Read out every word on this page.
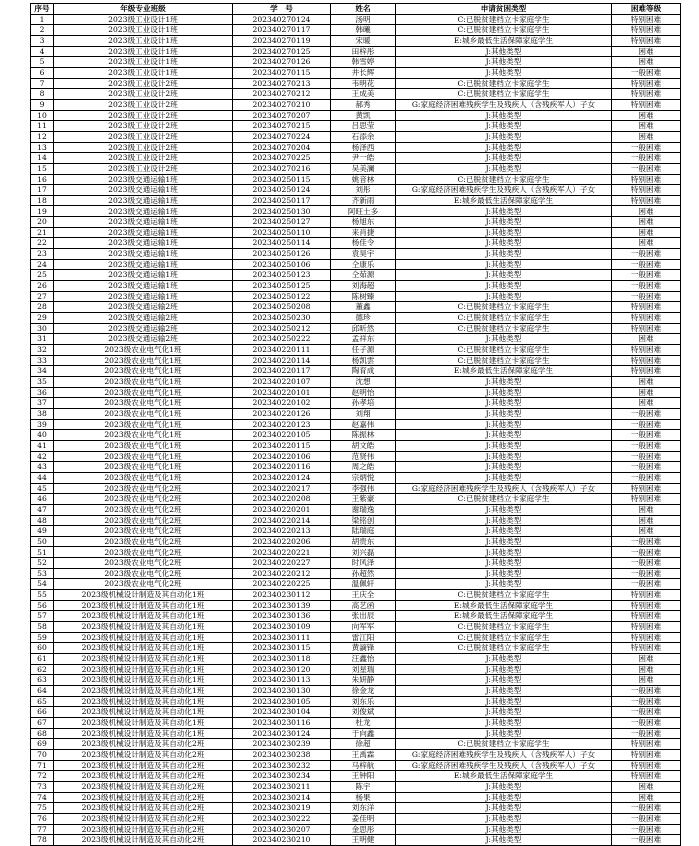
序号	年级专业班级	学　号	姓名	申请贫困类型	困难等级
1	2023级工业设计1班	202340270124	汤明	C:已脱贫建档立卡家庭学生	特别困难
2	2023级工业设计1班	202340270117	韩曦	C:已脱贫建档立卡家庭学生	特别困难
3	2023级工业设计1班	202340270119	宋暖	E:城乡最低生活保障家庭学生	特别困难
4	2023级工业设计1班	202340270125	田梓彤	J:其他类型	困难
5	2023级工业设计1班	202340270126	韩雪婷	J:其他类型	困难
6	2023级工业设计1班	202340270115	井长辉	J:其他类型	一般困难
7	2023级工业设计2班	202340270213	韦明花	C:已脱贫建档立卡家庭学生	特别困难
8	2023级工业设计2班	202340270212	王成美	C:已脱贫建档立卡家庭学生	特别困难
9	2023级工业设计2班	202340270210	郝秀	G:家庭经济困难残疾学生及残疾人（含残疾军人）子女	特别困难
10	2023级工业设计2班	202340270207	黄凯	J:其他类型	困难
11	2023级工业设计2班	202340270215	吕思莹	J:其他类型	困难
12	2023级工业设计2班	202340270224	石添余	J:其他类型	困难
13	2023级工业设计2班	202340270204	杨泽西	J:其他类型	一般困难
14	2023级工业设计2班	202340270225	尹一皓	J:其他类型	一般困难
15	2023级工业设计2班	202340270216	吴美澜	J:其他类型	一般困难
16	2023级交通运输1班	202340250115	姚音林	C:已脱贫建档立卡家庭学生	特别困难
17	2023级交通运输1班	202340250124	刘彤	G:家庭经济困难残疾学生及残疾人（含残疾军人）子女	特别困难
18	2023级交通运输1班	202340250117	齐新雨	E:城乡最低生活保障家庭学生	特别困难
19	2023级交通运输1班	202340250130	阿旺土多	J:其他类型	困难
20	2023级交通运输1班	202340250127	杨旭东	J:其他类型	困难
21	2023级交通运输1班	202340250110	来肖捷	J:其他类型	困难
22	2023级交通运输1班	202340250114	杨佳令	J:其他类型	困难
23	2023级交通运输1班	202340250126	袁昊宇	J:其他类型	一般困难
24	2023级交通运输1班	202340250106	仝康乐	J:其他类型	一般困难
25	2023级交通运输1班	202340250123	仝茹源	J:其他类型	一般困难
26	2023级交通运输1班	202340250125	刘海超	J:其他类型	一般困难
27	2023级交通运输1班	202340250122	陈树臻	J:其他类型	一般困难
28	2023级交通运输2班	202340250208	董鑫	C:已脱贫建档立卡家庭学生	特别困难
29	2023级交通运输2班	202340250230	德珍	C:已脱贫建档立卡家庭学生	特别困难
30	2023级交通运输2班	202340250212	邱昕然	C:已脱贫建档立卡家庭学生	特别困难
31	2023级交通运输2班	202340250222	孟祥东	J:其他类型	困难
32	2023级农业电气化1班	202340220111	任子源	C:已脱贫建档立卡家庭学生	特别困难
33	2023级农业电气化1班	202340220114	杨凯雲	C:已脱贫建档立卡家庭学生	特别困难
34	2023级农业电气化1班	202340220117	陶育成	E:城乡最低生活保障家庭学生	特别困难
35	2023级农业电气化1班	202340220107	沈想	J:其他类型	困难
36	2023级农业电气化1班	202340220101	赵明怡	J:其他类型	困难
37	2023级农业电气化1班	202340220102	孙孝培	J:其他类型	困难
38	2023级农业电气化1班	202340220126	刘翔	J:其他类型	一般困难
39	2023级农业电气化1班	202340220123	赵嘉伟	J:其他类型	一般困难
40	2023级农业电气化1班	202340220105	陈振林	J:其他类型	一般困难
41	2023级农业电气化1班	202340220115	胡文皓	J:其他类型	一般困难
42	2023级农业电气化1班	202340220106	范贤伟	J:其他类型	一般困难
43	2023级农业电气化1班	202340220116	周之皓	J:其他类型	一般困难
44	2023级农业电气化1班	202340220124	宗炳悦	J:其他类型	一般困难
45	2023级农业电气化2班	202340220217	李强伟	G:家庭经济困难残疾学生及残疾人（含残疾军人）子女	特别困难
46	2023级农业电气化2班	202340220208	王紫豪	C:已脱贫建档立卡家庭学生	特别困难
47	2023级农业电气化2班	202340220201	谢瑞逸	J:其他类型	困难
48	2023级农业电气化2班	202340220214	梁铭创	J:其他类型	困难
49	2023级农业电气化2班	202340220213	陆瑞庭	J:其他类型	困难
50	2023级农业电气化2班	202340220206	胡贵东	J:其他类型	一般困难
51	2023级农业电气化2班	202340220221	刘兴磊	J:其他类型	一般困难
52	2023级农业电气化2班	202340220227	时风泽	J:其他类型	一般困难
53	2023级农业电气化2班	202340220212	孙超然	J:其他类型	一般困难
54	2023级农业电气化2班	202340220225	温佩轩	J:其他类型	一般困难
55	2023级机械设计制造及其自动化1班	202340230112	王庆全	C:已脱贫建档立卡家庭学生	特别困难
56	2023级机械设计制造及其自动化1班	202340230139	高艺函	E:城乡最低生活保障家庭学生	特别困难
57	2023级机械设计制造及其自动化1班	202340230136	张出辰	E:城乡最低生活保障家庭学生	特别困难
58	2023级机械设计制造及其自动化1班	202340230109	向军军	C:已脱贫建档立卡家庭学生	特别困难
59	2023级机械设计制造及其自动化1班	202340230111	雷江阳	C:已脱贫建档立卡家庭学生	特别困难
60	2023级机械设计制造及其自动化1班	202340230115	黄謫锋	C:已脱贫建档立卡家庭学生	特别困难
61	2023级机械设计制造及其自动化1班	202340230118	汪鑫怡	J:其他类型	困难
62	2023级机械设计制造及其自动化1班	202340230120	刘星瑞	J:其他类型	困难
63	2023级机械设计制造及其自动化1班	202340230113	朱妍静	J:其他类型	困难
64	2023级机械设计制造及其自动化1班	202340230130	徐金龙	J:其他类型	一般困难
65	2023级机械设计制造及其自动化1班	202340230105	刘东乐	J:其他类型	一般困难
66	2023级机械设计制造及其自动化1班	202340230104	刘俊斌	J:其他类型	一般困难
67	2023级机械设计制造及其自动化1班	202340230116	杜龙	J:其他类型	一般困难
68	2023级机械设计制造及其自动化1班	202340230124	于向鑫	J:其他类型	一般困难
69	2023级机械设计制造及其自动化2班	202340230239	徐超	C:已脱贫建档立卡家庭学生	特别困难
70	2023级机械设计制造及其自动化2班	202340230238	王禹霖	G:家庭经济困难残疾学生及残疾人（含残疾军人）子女	特别困难
71	2023级机械设计制造及其自动化2班	202340230232	马梓航	G:家庭经济困难残疾学生及残疾人（含残疾军人）子女	特别困难
72	2023级机械设计制造及其自动化2班	202340230234	王钟阳	E:城乡最低生活保障家庭学生	特别困难
73	2023级机械设计制造及其自动化2班	202340230211	陈宇	J:其他类型	困难
74	2023级机械设计制造及其自动化2班	202340230214	杨果	J:其他类型	困难
75	2023级机械设计制造及其自动化2班	202340230219	刘东洋	J:其他类型	一般困难
76	2023级机械设计制造及其自动化2班	202340230222	姜佳明	J:其他类型	一般困难
77	2023级机械设计制造及其自动化2班	202340230207	金思彤	J:其他类型	一般困难
78	2023级机械设计制造及其自动化2班	202340230210	王明健	J:其他类型	一般困难
